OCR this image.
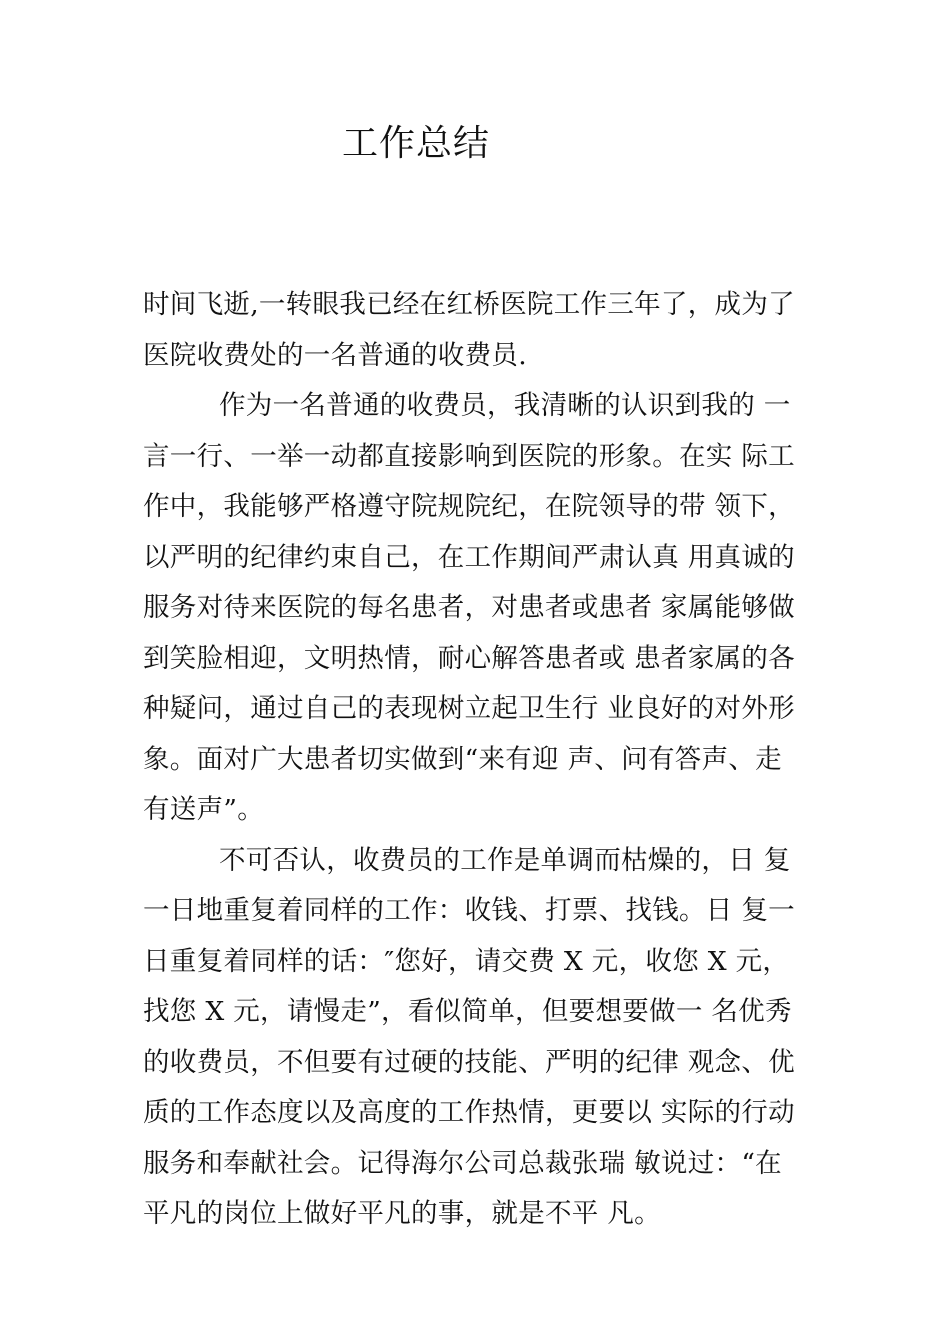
工作总结
时间飞逝,一转眼我已经在红桥医院工作三年了，成为了
医院收费处的一名普通的收费员.
作为一名普通的收费员，我清晰的认识到我的 一
言一行、一举一动都直接影响到医院的形象。在实 际工
作中，我能够严格遵守院规院纪，在院领导的带 领下，
以严明的纪律约束自己，在工作期间严肃认真 用真诚的
服务对待来医院的每名患者，对患者或患者 家属能够做
到笑脸相迎，文明热情，耐心解答患者或 患者家属的各
种疑问，通过自己的表现树立起卫生行 业良好的对外形
象。面对广大患者切实做到“来有迎 声、问有答声、走
有送声”。
不可否认，收费员的工作是单调而枯燥的，日 复
一日地重复着同样的工作：收钱、打票、找钱。日 复一
日重复着同样的话：″您好，请交费 X 元，收您 X 元，
找您 X 元，请慢走”，看似简单，但要想要做一 名优秀
的收费员，不但要有过硬的技能、严明的纪律 观念、优
质的工作态度以及高度的工作热情，更要以 实际的行动
服务和奉献社会。记得海尔公司总裁张瑞 敏说过：“在
平凡的岗位上做好平凡的事，就是不平 凡。
